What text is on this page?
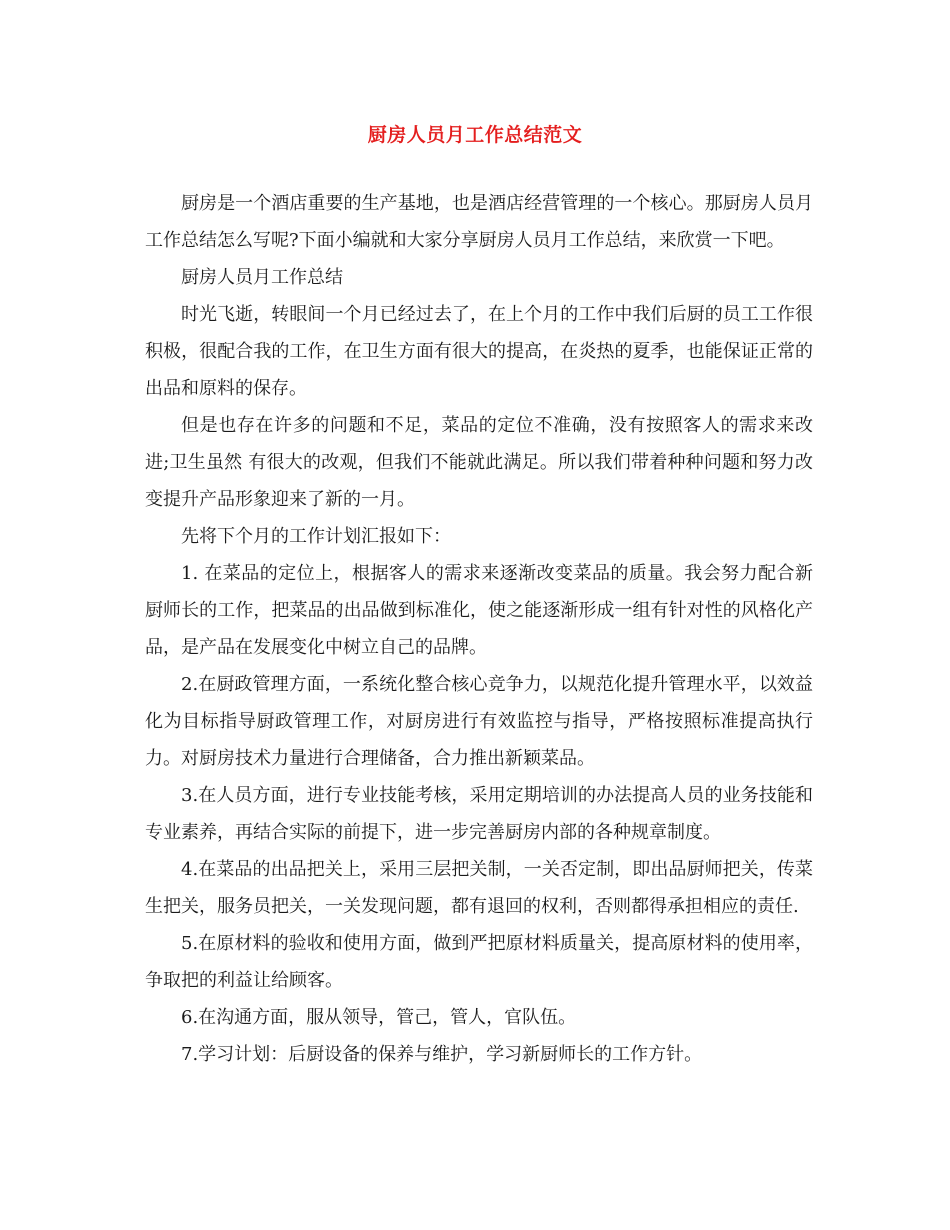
厨房人员月工作总结范文

厨房是一个酒店重要的生产基地，也是酒店经营管理的一个核心。那厨房人员月工作总结怎么写呢?下面小编就和大家分享厨房人员月工作总结，来欣赏一下吧。

厨房人员月工作总结

时光飞逝，转眼间一个月已经过去了，在上个月的工作中我们后厨的员工工作很积极，很配合我的工作，在卫生方面有很大的提高，在炎热的夏季，也能保证正常的出品和原料的保存。

但是也存在许多的问题和不足，菜品的定位不准确，没有按照客人的需求来改进;卫生虽然 有很大的改观，但我们不能就此满足。所以我们带着种种问题和努力改变提升产品形象迎来了新的一月。

先将下个月的工作计划汇报如下：

1. 在菜品的定位上，根据客人的需求来逐渐改变菜品的质量。我会努力配合新厨师长的工作，把菜品的出品做到标准化，使之能逐渐形成一组有针对性的风格化产品，是产品在发展变化中树立自己的品牌。

2.在厨政管理方面，一系统化整合核心竞争力，以规范化提升管理水平，以效益化为目标指导厨政管理工作，对厨房进行有效监控与指导，严格按照标准提高执行力。对厨房技术力量进行合理储备，合力推出新颖菜品。

3.在人员方面，进行专业技能考核，采用定期培训的办法提高人员的业务技能和专业素养，再结合实际的前提下，进一步完善厨房内部的各种规章制度。

4.在菜品的出品把关上，采用三层把关制，一关否定制，即出品厨师把关，传菜生把关，服务员把关，一关发现问题，都有退回的权利，否则都得承担相应的责任.

5.在原材料的验收和使用方面，做到严把原材料质量关，提高原材料的使用率，争取把的利益让给顾客。

6.在沟通方面，服从领导，管己，管人，官队伍。

7.学习计划：后厨设备的保养与维护，学习新厨师长的工作方针。
